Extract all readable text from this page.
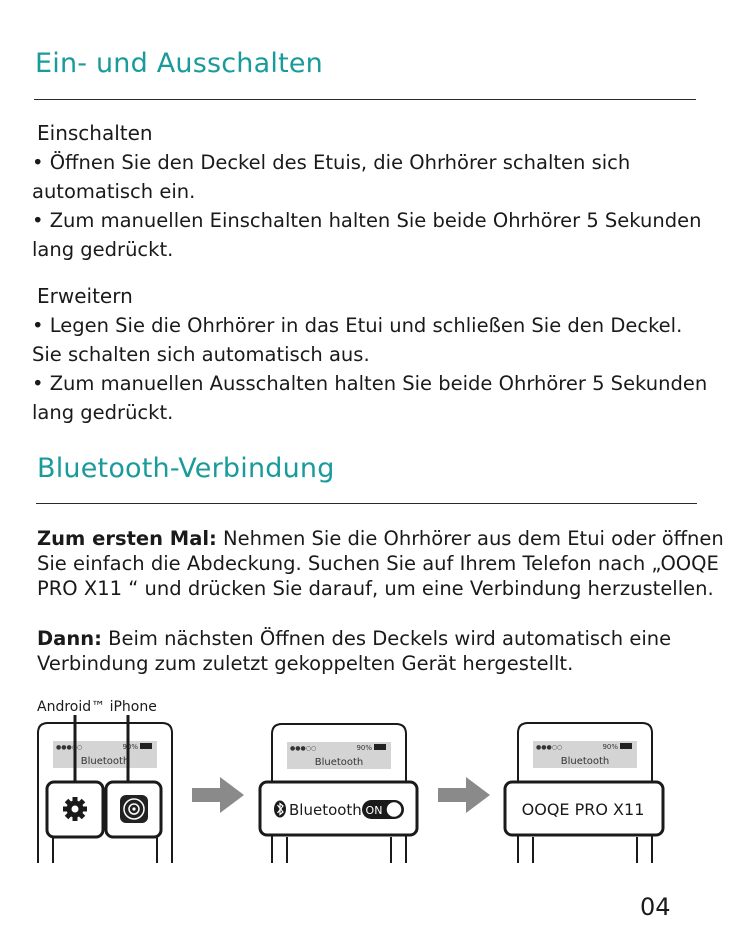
Ein- und Ausschalten
Einschalten

• Öffnen Sie den Deckel des Etuis, die Ohrhörer schalten sich

automatisch ein.

• Zum manuellen Einschalten halten Sie beide Ohrhörer 5 Sekunden

lang gedrückt.

Erweitern

• Legen Sie die Ohrhörer in das Etui und schließen Sie den Deckel.

Sie schalten sich automatisch aus.

• Zum manuellen Ausschalten halten Sie beide Ohrhörer 5 Sekunden

lang gedrückt.

Bluetooth-Verbindung

Zum ersten Mal: Nehmen Sie die Ohrhörer aus dem Etui oder öffnen

Sie einfach die Abdeckung. Suchen Sie auf Ihrem Telefon nach „OOQE

PRO X11 “ und drücken Sie darauf, um eine Verbindung herzustellen.

Dann: Beim nächsten Öffnen des Deckels wird automatisch eine

Verbindung zum zuletzt gekoppelten Gerät hergestellt.

Android™ iPhone
●●●○○	90%
Bluetooth
●●●○○	90%
Bluetooth
Bluetooth ON
●●●○○	90%
Bluetooth
OOQE PRO X11
04
